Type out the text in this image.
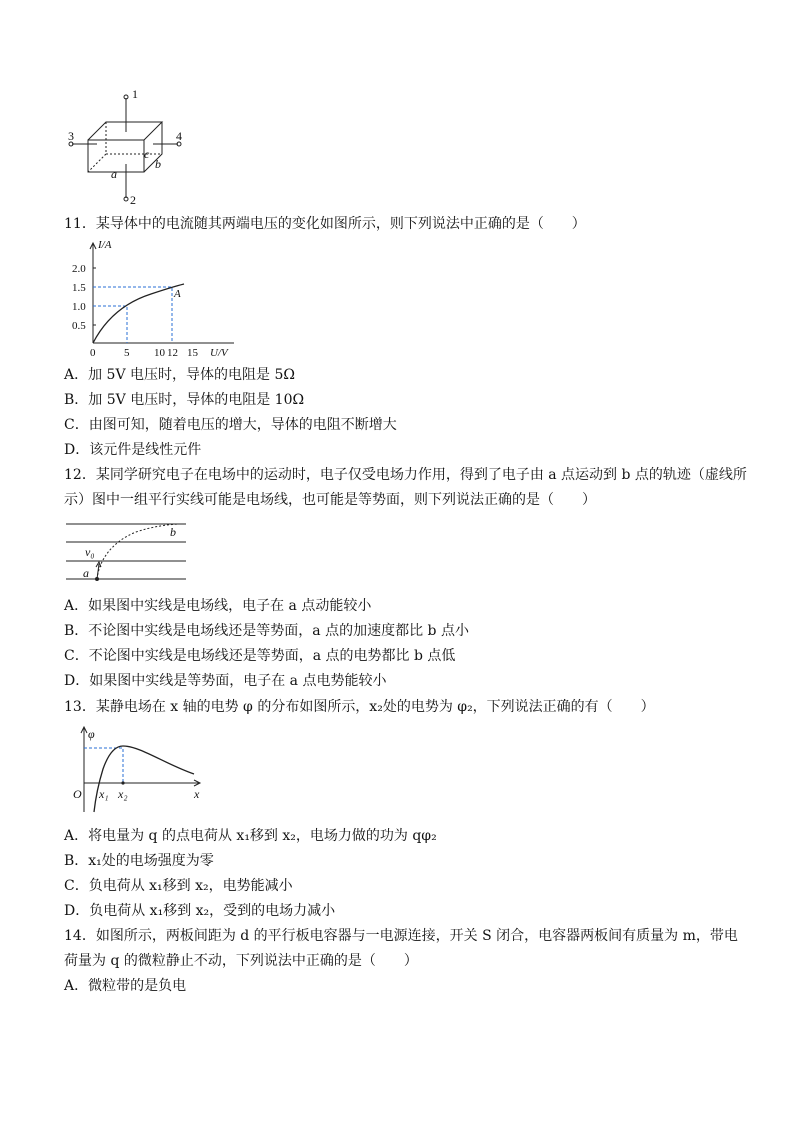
1
3	4
a
b
c
2
11．某导体中的电流随其两端电压的变化如图所示，则下列说法中正确的是（　　）
I/A
2.0
1.5
1.0
0.5
0	5 10 12 15 U/V
A
A．加 5V 电压时，导体的电阻是 5Ω
B．加 5V 电压时，导体的电阻是 10Ω
C．由图可知，随着电压的增大，导体的电阻不断增大
D．该元件是线性元件
12．某同学研究电子在电场中的运动时，电子仅受电场力作用，得到了电子由 a 点运动到 b 点的轨迹（虚线所
示）图中一组平行实线可能是电场线，也可能是等势面，则下列说法正确的是（　　）
b
v₀
a
A．如果图中实线是电场线，电子在 a 点动能较小
B．不论图中实线是电场线还是等势面，a 点的加速度都比 b 点小
C．不论图中实线是电场线还是等势面，a 点的电势都比 b 点低
D．如果图中实线是等势面，电子在 a 点电势能较小
13．某静电场在 x 轴的电势 φ 的分布如图所示，x₂处的电势为 φ₂，下列说法正确的有（　　）
φ
O x₁ x₂	x
A．将电量为 q 的点电荷从 x₁移到 x₂，电场力做的功为 qφ₂
B．x₁处的电场强度为零
C．负电荷从 x₁移到 x₂，电势能减小
D．负电荷从 x₁移到 x₂，受到的电场力减小
14．如图所示，两板间距为 d 的平行板电容器与一电源连接，开关 S 闭合，电容器两板间有质量为 m，带电
荷量为 q 的微粒静止不动，下列说法中正确的是（　　）
A．微粒带的是负电
